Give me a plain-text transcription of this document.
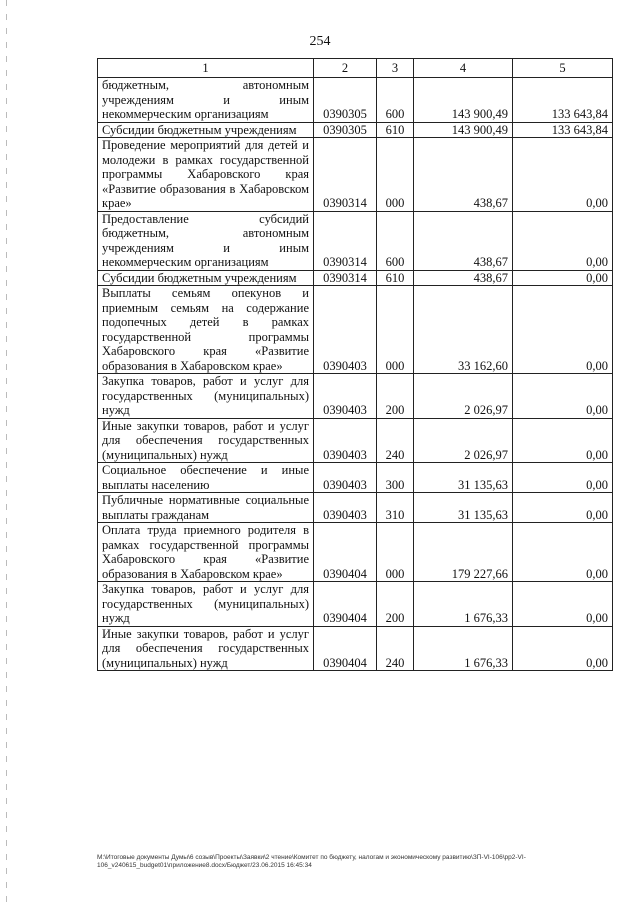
254
1	2	3	4	5
бюджетным, автономным учреждениям и иным некоммерческим организациям	0390305	600	143 900,49	133 643,84
Субсидии бюджетным учреждениям	0390305	610	143 900,49	133 643,84
Проведение мероприятий для детей и молодежи в рамках государственной программы Хабаровского края «Развитие образования в Хабаровском крае»	0390314	000	438,67	0,00
Предоставление субсидий бюджетным, автономным учреждениям и иным некоммерческим организациям	0390314	600	438,67	0,00
Субсидии бюджетным учреждениям	0390314	610	438,67	0,00
Выплаты семьям опекунов и приемным семьям на содержание подопечных детей в рамках государственной программы Хабаровского края «Развитие образования в Хабаровском крае»	0390403	000	33 162,60	0,00
Закупка товаров, работ и услуг для государственных (муниципальных) нужд	0390403	200	2 026,97	0,00
Иные закупки товаров, работ и услуг для обеспечения государственных (муниципальных) нужд	0390403	240	2 026,97	0,00
Социальное обеспечение и иные выплаты населению	0390403	300	31 135,63	0,00
Публичные нормативные социальные выплаты гражданам	0390403	310	31 135,63	0,00
Оплата труда приемного родителя в рамках государственной программы Хабаровского края «Развитие образования в Хабаровском крае»	0390404	000	179 227,66	0,00
Закупка товаров, работ и услуг для государственных (муниципальных) нужд	0390404	200	1 676,33	0,00
Иные закупки товаров, работ и услуг для обеспечения государственных (муниципальных) нужд	0390404	240	1 676,33	0,00
M:\Итоговые документы Думы\6 созыв\Проекты\Заявки\2 чтение\Комитет по бюджету, налогам и экономическому развитию\ЗП-VI-106\рр2-VI-106_v240615_budget01\приложение8.docx/Бюджет/23.06.2015 16:45:34
